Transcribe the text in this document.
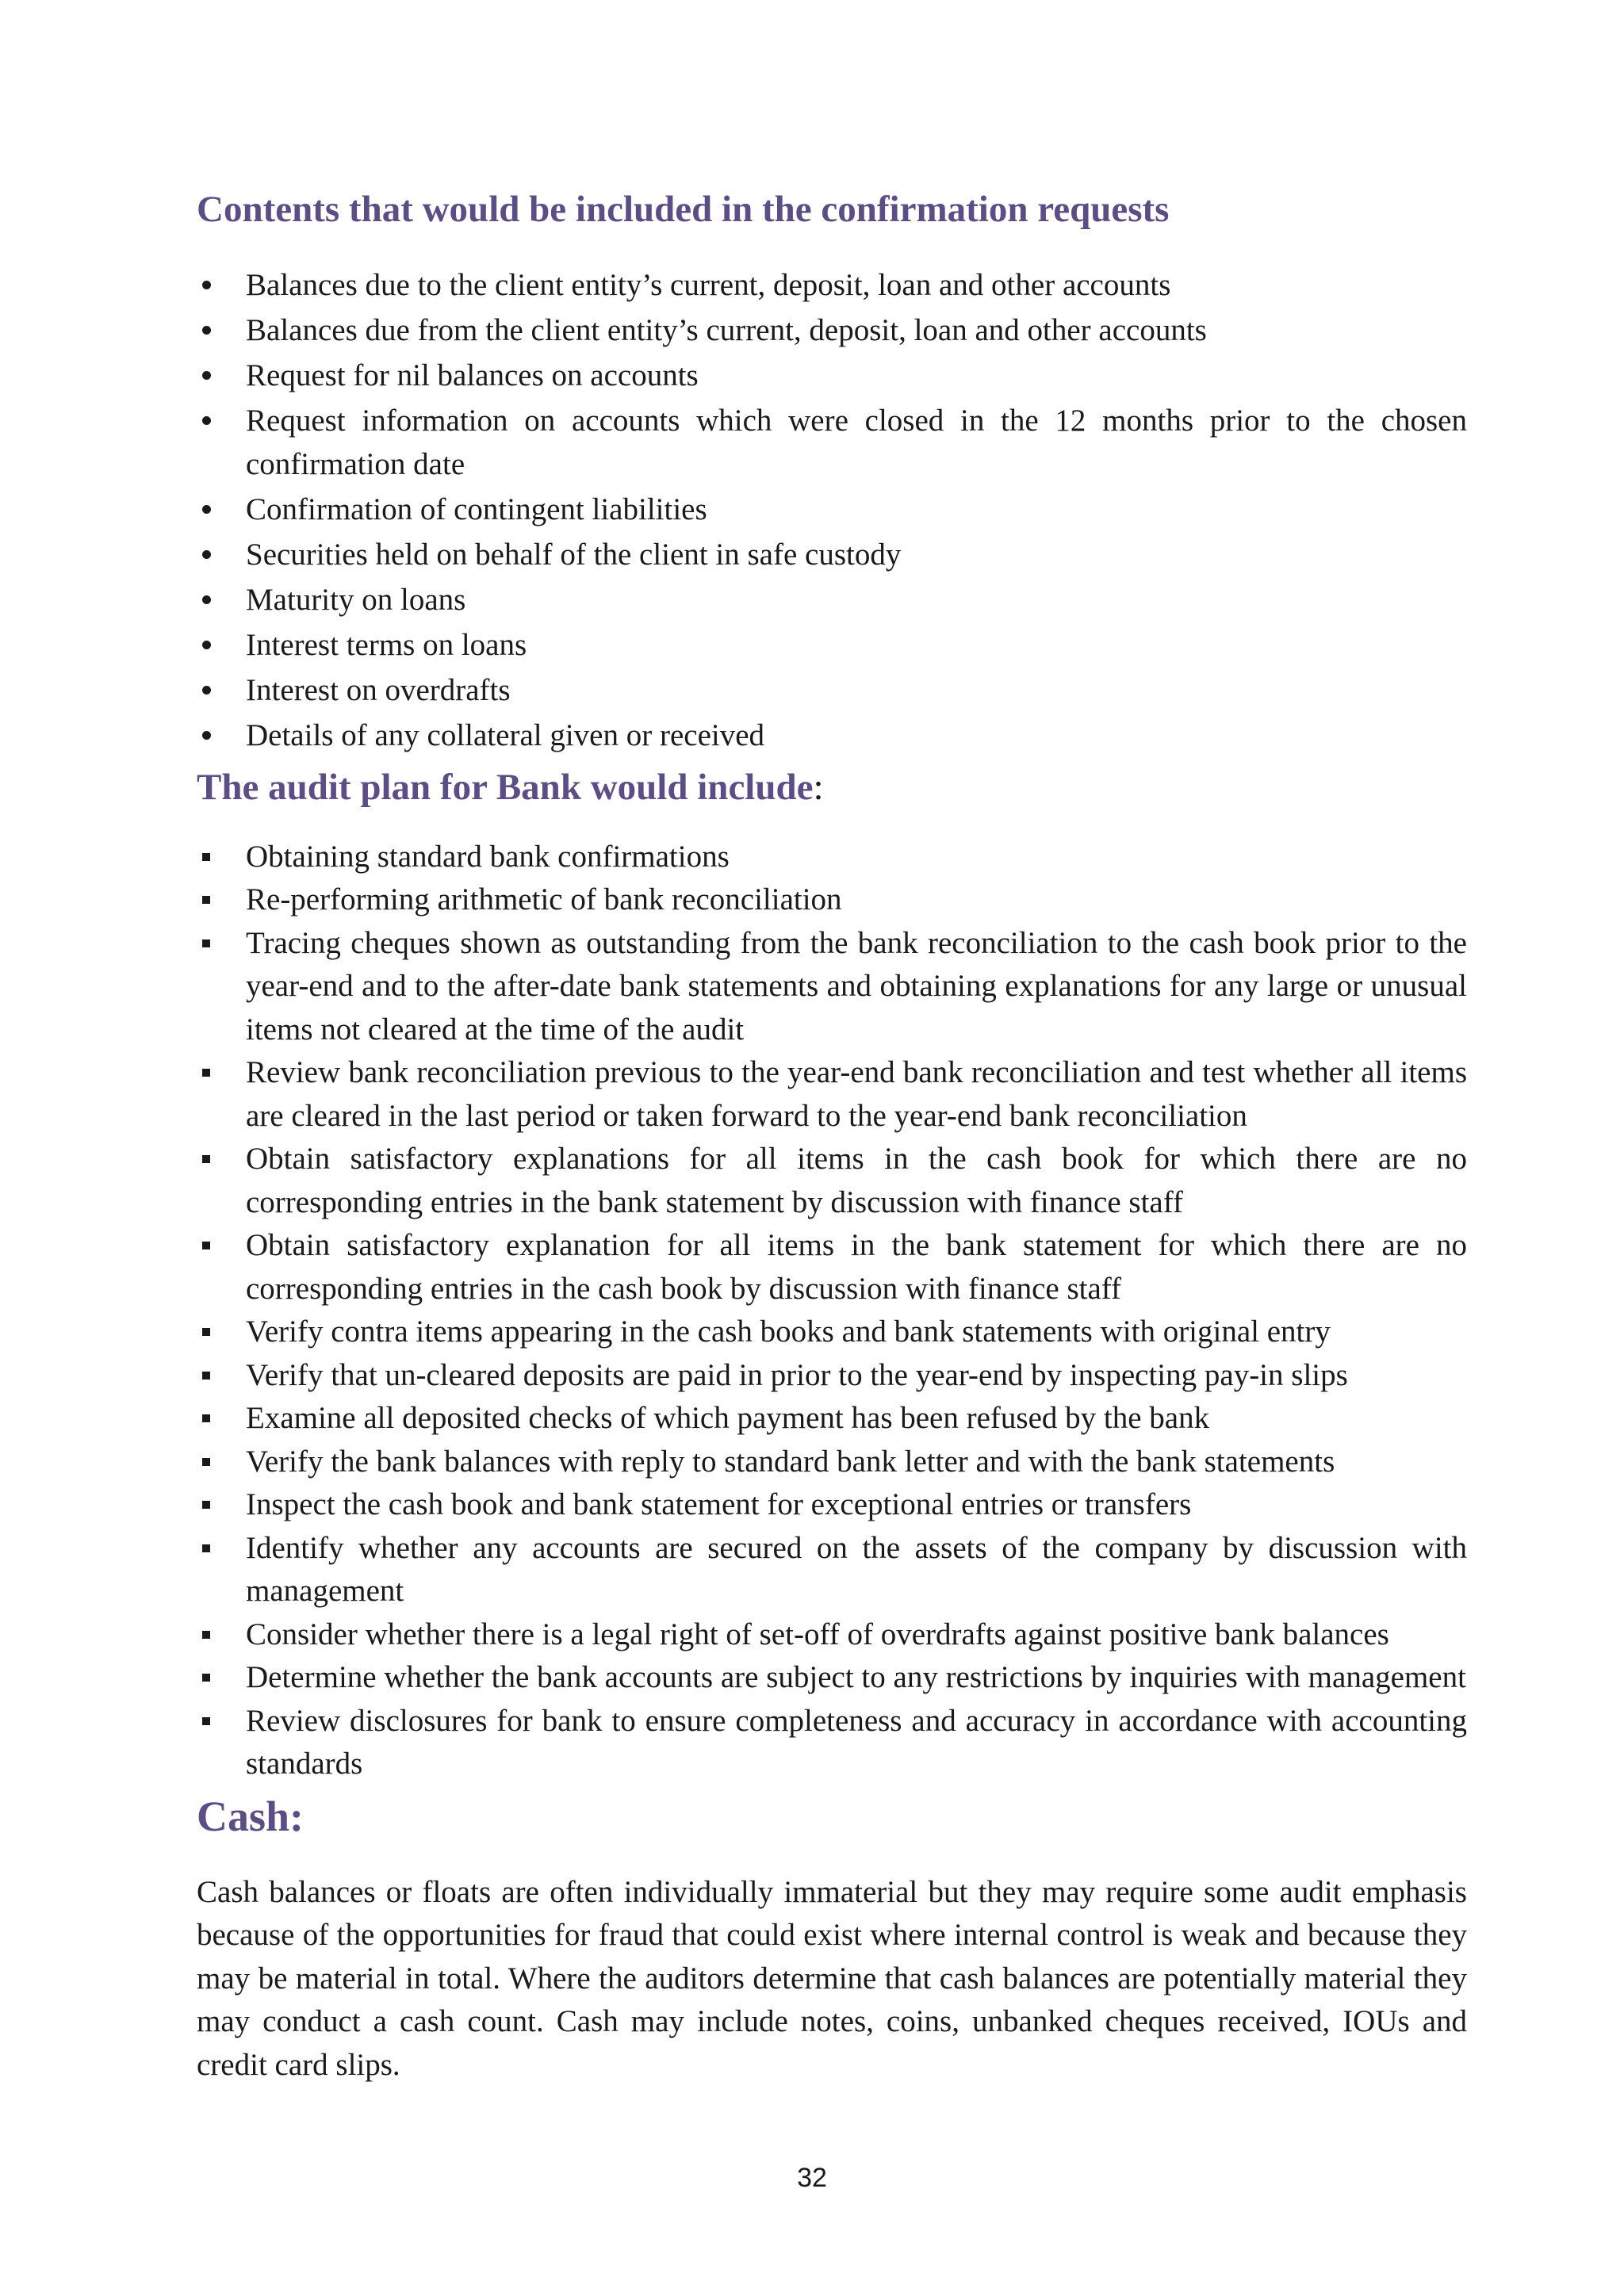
Contents that would be included in the confirmation requests
Balances due to the client entity’s current, deposit, loan and other accounts
Balances due from the client entity’s current, deposit, loan and other accounts
Request for nil balances on accounts
Request information on accounts which were closed in the 12 months prior to the chosen confirmation date
Confirmation of contingent liabilities
Securities held on behalf of the client in safe custody
Maturity on loans
Interest terms on loans
Interest on overdrafts
Details of any collateral given or received
The audit plan for Bank would include:
Obtaining standard bank confirmations
Re-performing arithmetic of bank reconciliation
Tracing cheques shown as outstanding from the bank reconciliation to the cash book prior to the year-end and to the after-date bank statements and obtaining explanations for any large or unusual items not cleared at the time of the audit
Review bank reconciliation previous to the year-end bank reconciliation and test whether all items are cleared in the last period or taken forward to the year-end bank reconciliation
Obtain satisfactory explanations for all items in the cash book for which there are no corresponding entries in the bank statement by discussion with finance staff
Obtain satisfactory explanation for all items in the bank statement for which there are no corresponding entries in the cash book by discussion with finance staff
Verify contra items appearing in the cash books and bank statements with original entry
Verify that un-cleared deposits are paid in prior to the year-end by inspecting pay-in slips
Examine all deposited checks of which payment has been refused by the bank
Verify the bank balances with reply to standard bank letter and with the bank statements
Inspect the cash book and bank statement for exceptional entries or transfers
Identify whether any accounts are secured on the assets of the company by discussion with management
Consider whether there is a legal right of set-off of overdrafts against positive bank balances
Determine whether the bank accounts are subject to any restrictions by inquiries with management
Review disclosures for bank to ensure completeness and accuracy in accordance with accounting standards
Cash:

Cash balances or floats are often individually immaterial but they may require some audit emphasis because of the opportunities for fraud that could exist where internal control is weak and because they may be material in total. Where the auditors determine that cash balances are potentially material they may conduct a cash count. Cash may include notes, coins, unbanked cheques received, IOUs and credit card slips.

32
